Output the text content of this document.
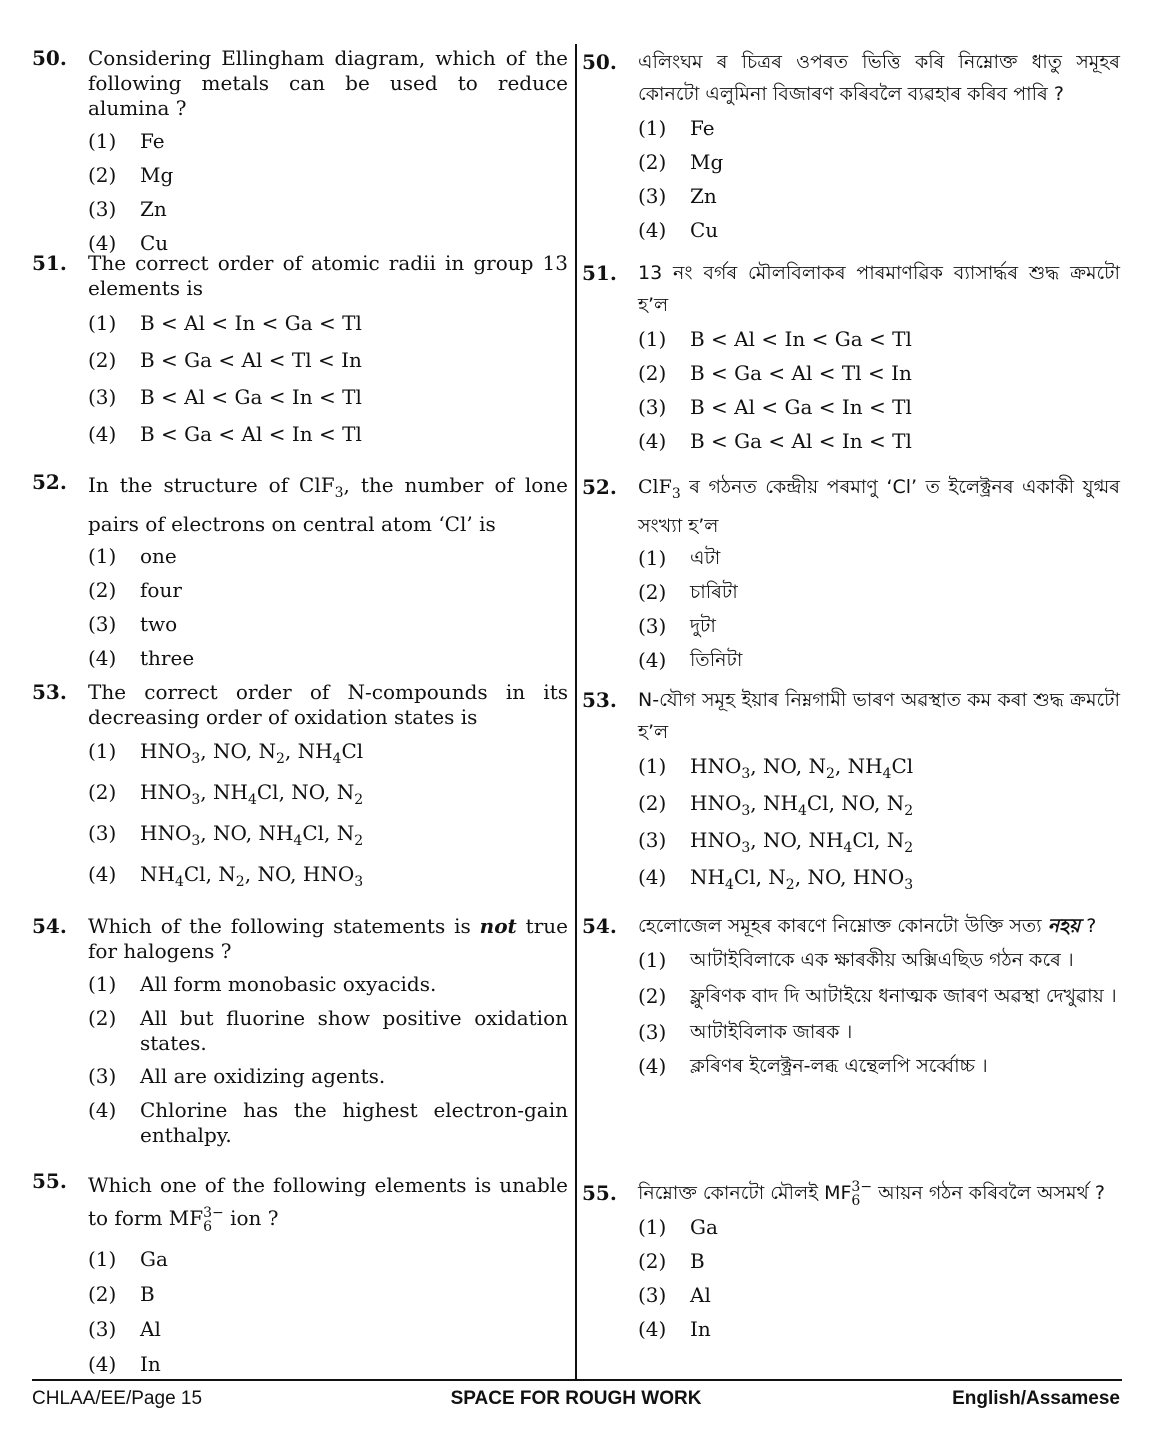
50.	Considering Ellingham diagram, which of the following metals can be used to reduce alumina ?
(1)	Fe
(2)	Mg
(3)	Zn
(4)	Cu
51.	The correct order of atomic radii in group 13 elements is
(1)	B < Al < In < Ga < Tl
(2)	B < Ga < Al < Tl < In
(3)	B < Al < Ga < In < Tl
(4)	B < Ga < Al < In < Tl
52.	In the structure of ClF$_3$, the number of lone pairs of electrons on central atom ‘Cl’ is
(1)	one
(2)	four
(3)	two
(4)	three
53.	The correct order of N-compounds in its decreasing order of oxidation states is
(1)	$HNO_3$, NO, $N_2$, $NH_4Cl$
(2)	$HNO_3$, $NH_4Cl$, NO, $N_2$
(3)	$HNO_3$, NO, $NH_4Cl$, $N_2$
(4)	$NH_4Cl$, $N_2$, NO, $HNO_3$
54.	Which of the following statements is not true for halogens ?
(1)	All form monobasic oxyacids.
(2)	All but fluorine show positive oxidation states.
(3)	All are oxidizing agents.
(4)	Chlorine has the highest electron-gain enthalpy.
55.	Which one of the following elements is unable to form MF 3−
6 ion ?
(1)	Ga
(2)	B
(3)	Al
(4)	In
50.	এলিংঘম ৰ চিত্ৰৰ ওপৰত ভিত্তি কৰি নিম্নোক্ত ধাতু সমূহৰ কোনটো এলুমিনা বিজাৰণ কৰিবলৈ ব্যৱহাৰ কৰিব পাৰি ?
(1)	Fe
(2)	Mg
(3)	Zn
(4)	Cu
51.	13 নং বৰ্গৰ মৌলবিলাকৰ পাৰমাণৱিক ব্যাসাৰ্দ্ধৰ শুদ্ধ ক্ৰমটো হ’ল
(1)	B < Al < In < Ga < Tl
(2)	B < Ga < Al < Tl < In
(3)	B < Al < Ga < In < Tl
(4)	B < Ga < Al < In < Tl
52.	ClF$_3$ ৰ গঠনত কেন্দ্ৰীয় পৰমাণু ‘Cl’ ত ইলেক্ট্ৰনৰ একাকী যুগ্মৰ সংখ্যা হ’ল
(1)	এটা
(2)	চাৰিটা
(3)	দুটা
(4)	তিনিটা
53.	N-যৌগ সমূহ ইয়াৰ নিম্নগামী ভাৰণ অৱস্থাত কম কৰা শুদ্ধ ক্ৰমটো হ’ল
(1)	$HNO_3$, NO, $N_2$, $NH_4Cl$
(2)	$HNO_3$, $NH_4Cl$, NO, $N_2$
(3)	$HNO_3$, NO, $NH_4Cl$, $N_2$
(4)	$NH_4Cl$, $N_2$, NO, $HNO_3$
54.	হেলোজেল সমূহৰ কাৰণে নিম্নোক্ত কোনটো উক্তি সত্য নহয় ?
(1)	আটাইবিলাকে এক ক্ষাৰকীয় অক্সিএছিড গঠন কৰে ।
(2)	ফ্লুৰিণক বাদ দি আটাইয়ে ধনাত্মক জাৰণ অৱস্থা দেখুৱায় ।
(3)	আটাইবিলাক জাৰক ।
(4)	ক্লৰিণৰ ইলেক্ট্ৰন-লব্ধ এন্থেলপি সৰ্ব্বোচ্চ ।
55.	নিম্নোক্ত কোনটো মৌলই MF 3−
6 আয়ন গঠন কৰিবলৈ অসমৰ্থ ?
(1)	Ga
(2)	B
(3)	Al
(4)	In
CHLAA/EE/Page 15	SPACE FOR ROUGH WORK	English/Assamese
